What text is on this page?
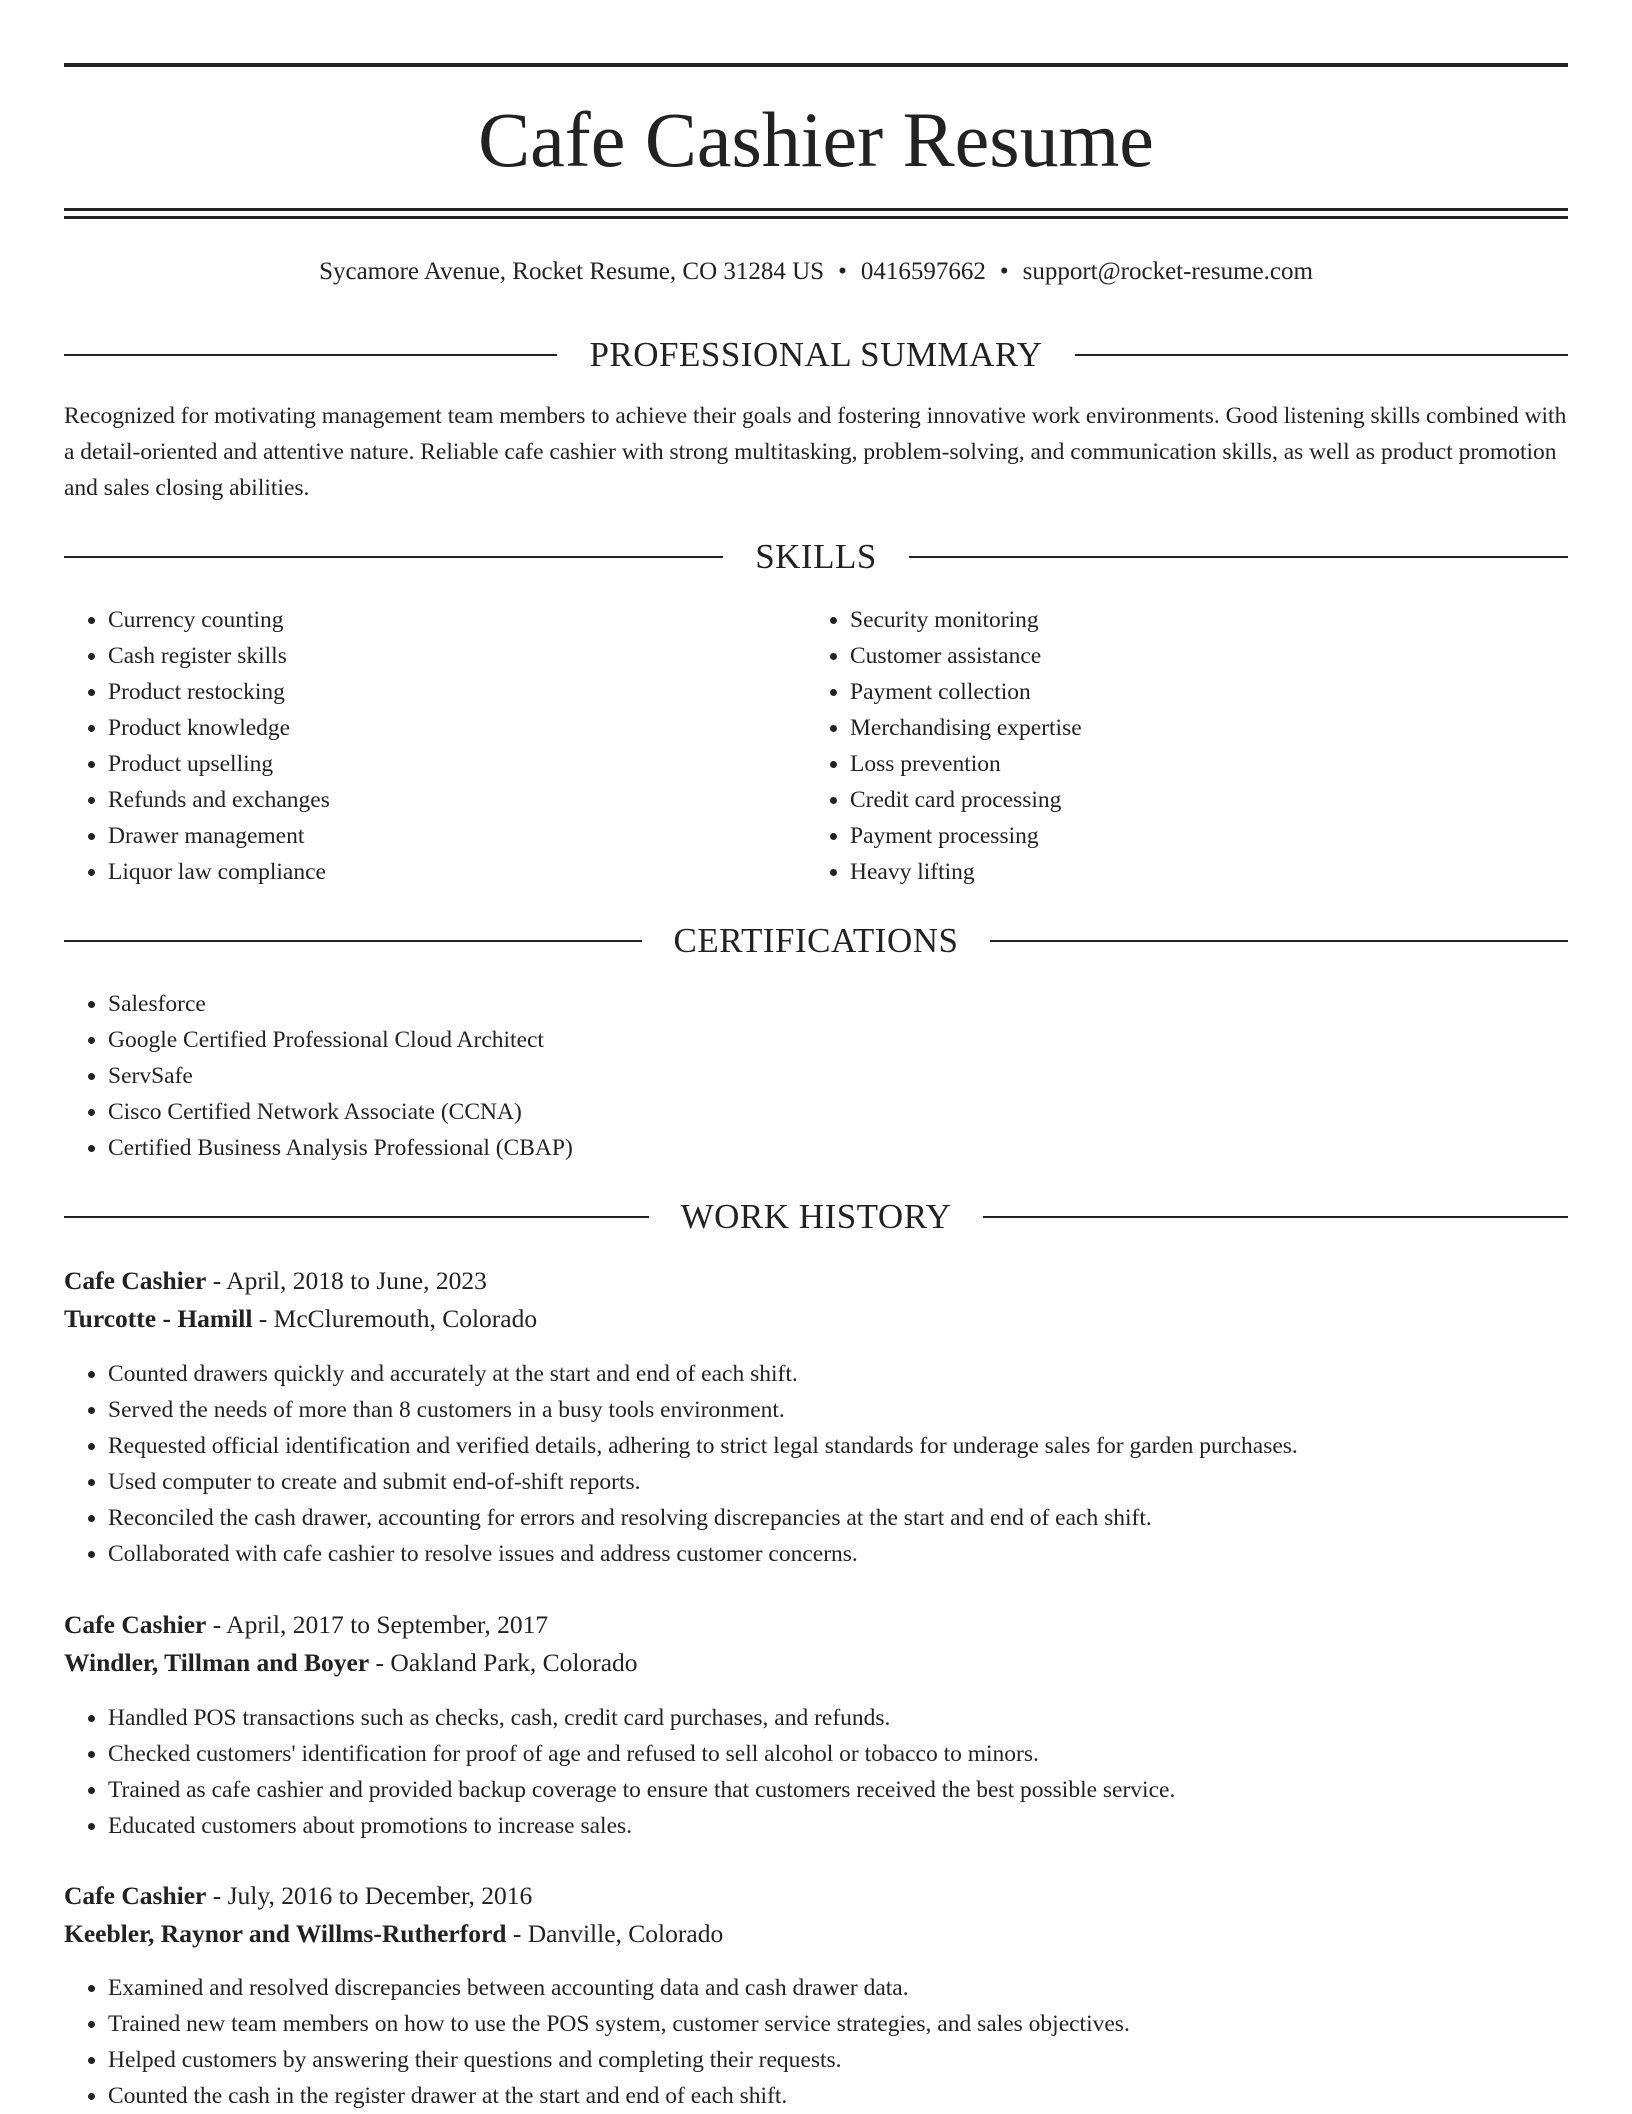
Cafe Cashier Resume
Sycamore Avenue, Rocket Resume, CO 31284 US • 0416597662 • support@rocket-resume.com
PROFESSIONAL SUMMARY

Recognized for motivating management team members to achieve their goals and fostering innovative work environments. Good listening skills combined with a detail-oriented and attentive nature. Reliable cafe cashier with strong multitasking, problem-solving, and communication skills, as well as product promotion and sales closing abilities.

SKILLS
• Currency counting
• Cash register skills
• Product restocking
• Product knowledge
• Product upselling
• Refunds and exchanges
• Drawer management
• Liquor law compliance
• Security monitoring
• Customer assistance
• Payment collection
• Merchandising expertise
• Loss prevention
• Credit card processing
• Payment processing
• Heavy lifting
CERTIFICATIONS
• Salesforce
• Google Certified Professional Cloud Architect
• ServSafe
• Cisco Certified Network Associate (CCNA)
• Certified Business Analysis Professional (CBAP)
WORK HISTORY
Cafe Cashier - April, 2018 to June, 2023
Turcotte - Hamill - McCluremouth, Colorado
• Counted drawers quickly and accurately at the start and end of each shift.
• Served the needs of more than 8 customers in a busy tools environment.
• Requested official identification and verified details, adhering to strict legal standards for underage sales for garden purchases.
• Used computer to create and submit end-of-shift reports.
• Reconciled the cash drawer, accounting for errors and resolving discrepancies at the start and end of each shift.
• Collaborated with cafe cashier to resolve issues and address customer concerns.
Cafe Cashier - April, 2017 to September, 2017
Windler, Tillman and Boyer - Oakland Park, Colorado
• Handled POS transactions such as checks, cash, credit card purchases, and refunds.
• Checked customers' identification for proof of age and refused to sell alcohol or tobacco to minors.
• Trained as cafe cashier and provided backup coverage to ensure that customers received the best possible service.
• Educated customers about promotions to increase sales.
Cafe Cashier - July, 2016 to December, 2016
Keebler, Raynor and Willms-Rutherford - Danville, Colorado
• Examined and resolved discrepancies between accounting data and cash drawer data.
• Trained new team members on how to use the POS system, customer service strategies, and sales objectives.
• Helped customers by answering their questions and completing their requests.
• Counted the cash in the register drawer at the start and end of each shift.
